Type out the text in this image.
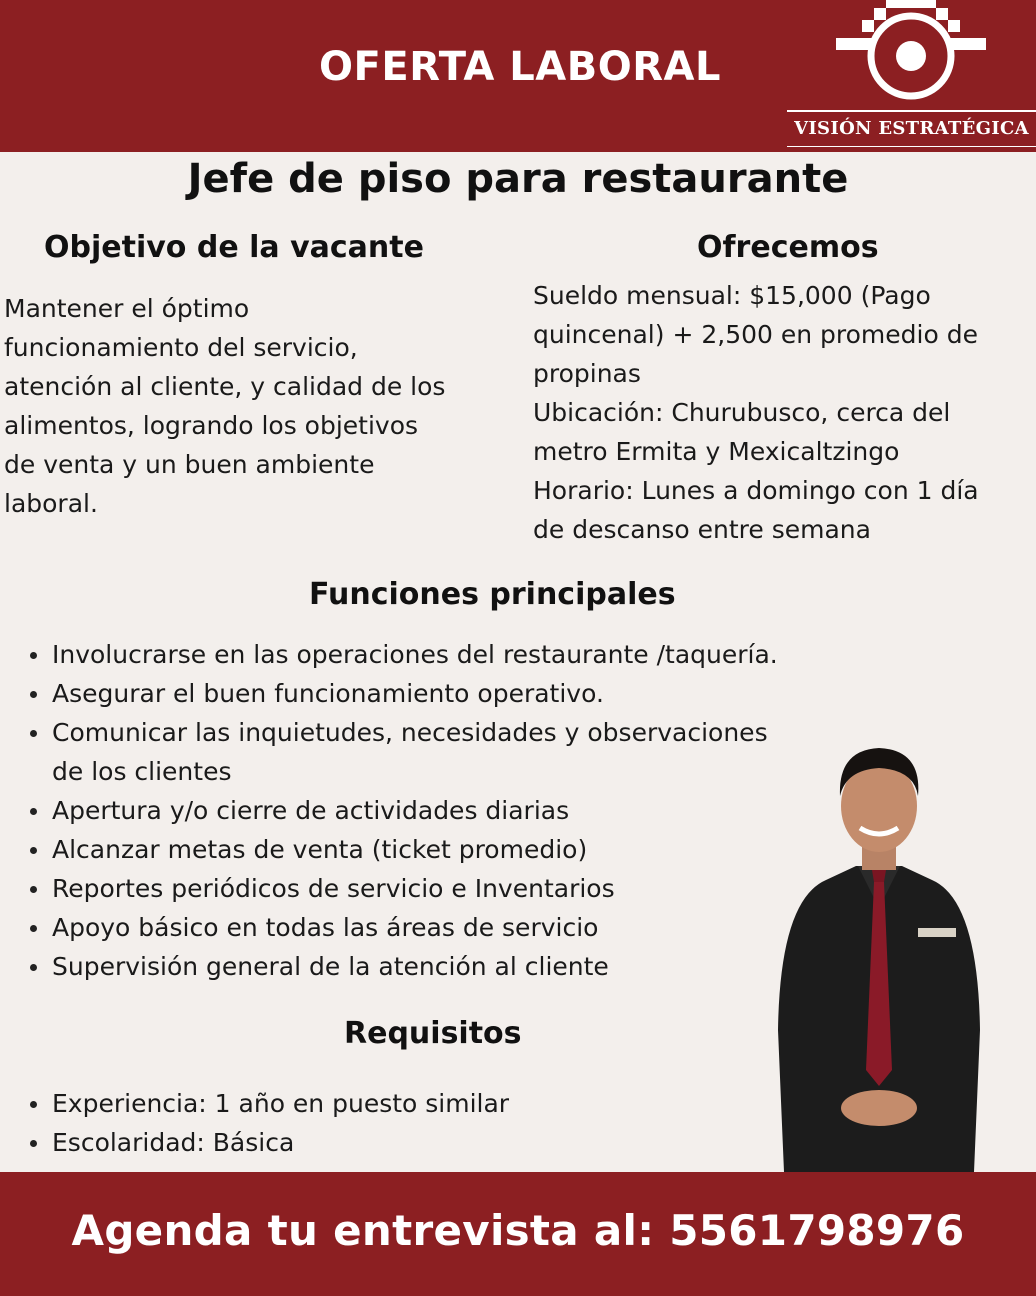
OFERTA LABORAL
VISIÓN ESTRATÉGICA
Jefe de piso para restaurante
Objetivo de la vacante
Mantener el óptimo
funcionamiento del servicio,
atención al cliente, y calidad de los
alimentos, logrando los objetivos
de venta y un buen ambiente
laboral.
Ofrecemos
Sueldo mensual: $15,000 (Pago
quincenal) + 2,500 en promedio de
propinas
Ubicación: Churubusco, cerca del
metro Ermita y Mexicaltzingo
Horario: Lunes a domingo con 1 día
de descanso entre semana
Funciones principales
Involucrarse en las operaciones del restaurante /taquería.
Asegurar el buen funcionamiento operativo.
Comunicar las inquietudes, necesidades y observaciones
de los clientes
Apertura y/o cierre de actividades diarias
Alcanzar metas de venta (ticket promedio)
Reportes periódicos de servicio e Inventarios
Apoyo básico en todas las áreas de servicio
Supervisión general de la atención al cliente
Requisitos
Experiencia: 1 año en puesto similar
Escolaridad: Básica
Agenda tu entrevista al: 5561798976
